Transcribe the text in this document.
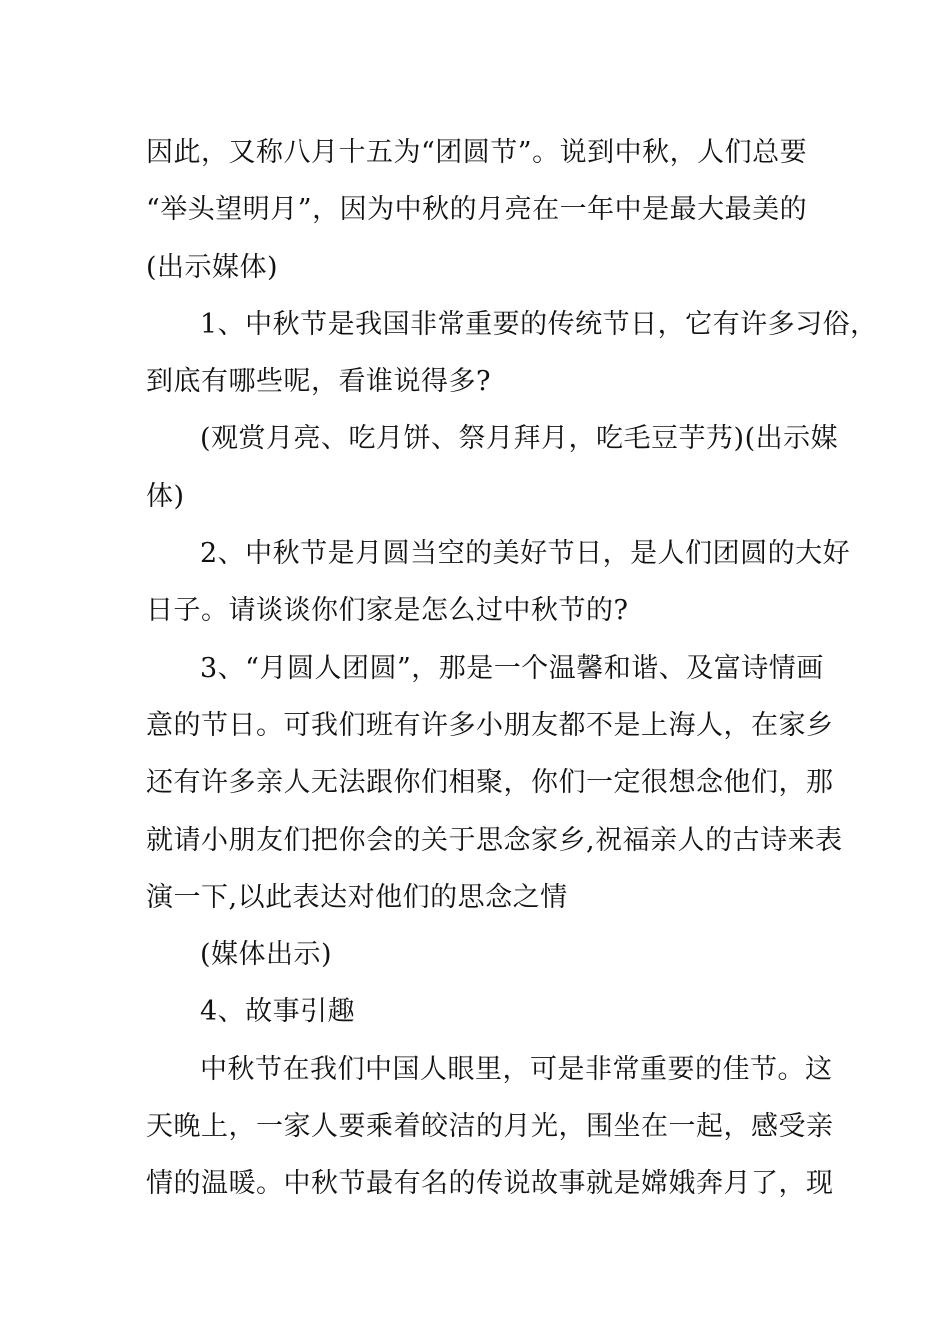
因此，又称八月十五为“团圆节”。说到中秋，人们总要
“举头望明月”，因为中秋的月亮在一年中是最大最美的
(出示媒体)
1、中秋节是我国非常重要的传统节日，它有许多习俗，
到底有哪些呢，看谁说得多?
(观赏月亮、吃月饼、祭月拜月，吃毛豆芋艿)(出示媒
体)
2、中秋节是月圆当空的美好节日，是人们团圆的大好
日子。请谈谈你们家是怎么过中秋节的?
3、“月圆人团圆”，那是一个温馨和谐、及富诗情画
意的节日。可我们班有许多小朋友都不是上海人，在家乡
还有许多亲人无法跟你们相聚，你们一定很想念他们，那
就请小朋友们把你会的关于思念家乡,祝福亲人的古诗来表
演一下,以此表达对他们的思念之情
(媒体出示)
4、故事引趣
中秋节在我们中国人眼里，可是非常重要的佳节。这
天晚上，一家人要乘着皎洁的月光，围坐在一起，感受亲
情的温暖。中秋节最有名的传说故事就是嫦娥奔月了，现
